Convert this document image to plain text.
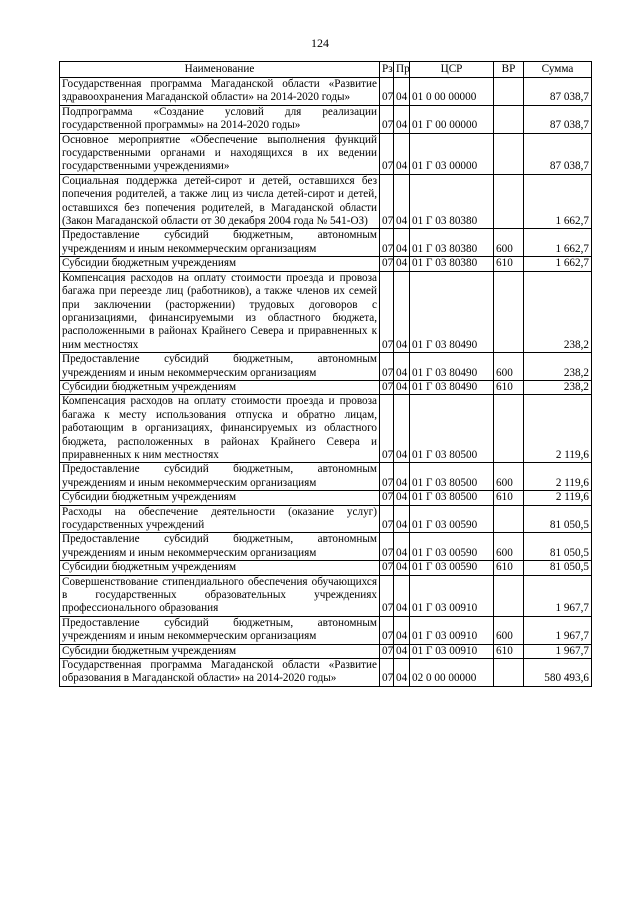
124
Наименование	Рз	Пр	ЦСР	ВР	Сумма
Государственная программа Магаданской области «Развитие здравоохранения Магаданской области» на 2014-2020 годы»	07	04	01 0 00 00000		87 038,7
Подпрограмма «Создание условий для реализации государственной программы» на 2014-2020 годы»	07	04	01 Г 00 00000		87 038,7
Основное мероприятие «Обеспечение выполнения функций государственными органами и находящихся в их ведении государственными учреждениями»	07	04	01 Г 03 00000		87 038,7
Социальная поддержка детей-сирот и детей, оставшихся без попечения родителей, а также лиц из числа детей-сирот и детей, оставшихся без попечения родителей, в Магаданской области (Закон Магаданской области от 30 декабря 2004 года № 541-ОЗ)	07	04	01 Г 03 80380		1 662,7
Предоставление субсидий бюджетным, автономным учреждениям и иным некоммерческим организациям	07	04	01 Г 03 80380	600	1 662,7
Субсидии бюджетным учреждениям	07	04	01 Г 03 80380	610	1 662,7
Компенсация расходов на оплату стоимости проезда и провоза багажа при переезде лиц (работников), а также членов их семей при заключении (расторжении) трудовых договоров с организациями, финансируемыми из областного бюджета, расположенными в районах Крайнего Севера и приравненных к ним местностях	07	04	01 Г 03 80490		238,2
Предоставление субсидий бюджетным, автономным учреждениям и иным некоммерческим организациям	07	04	01 Г 03 80490	600	238,2
Субсидии бюджетным учреждениям	07	04	01 Г 03 80490	610	238,2
Компенсация расходов на оплату стоимости проезда и провоза багажа к месту использования отпуска и обратно лицам, работающим в организациях, финансируемых из областного бюджета, расположенных в районах Крайнего Севера и приравненных к ним местностях	07	04	01 Г 03 80500		2 119,6
Предоставление субсидий бюджетным, автономным учреждениям и иным некоммерческим организациям	07	04	01 Г 03 80500	600	2 119,6
Субсидии бюджетным учреждениям	07	04	01 Г 03 80500	610	2 119,6
Расходы на обеспечение деятельности (оказание услуг) государственных учреждений	07	04	01 Г 03 00590		81 050,5
Предоставление субсидий бюджетным, автономным учреждениям и иным некоммерческим организациям	07	04	01 Г 03 00590	600	81 050,5
Субсидии бюджетным учреждениям	07	04	01 Г 03 00590	610	81 050,5
Совершенствование стипендиального обеспечения обучающихся в государственных образовательных учреждениях профессионального образования	07	04	01 Г 03 00910		1 967,7
Предоставление субсидий бюджетным, автономным учреждениям и иным некоммерческим организациям	07	04	01 Г 03 00910	600	1 967,7
Субсидии бюджетным учреждениям	07	04	01 Г 03 00910	610	1 967,7
Государственная программа Магаданской области «Развитие образования в Магаданской области» на 2014-2020 годы»	07	04	02 0 00 00000		580 493,6
